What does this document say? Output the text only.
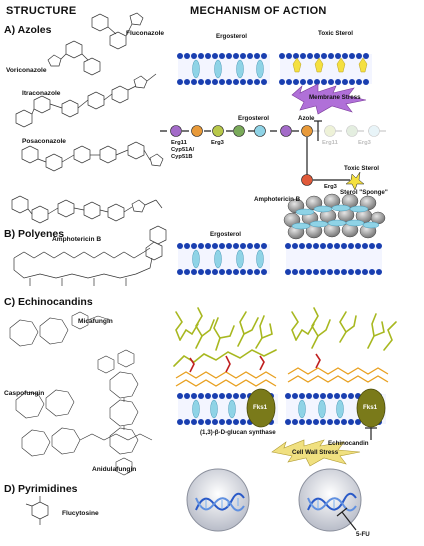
STRUCTURE	MECHANISM OF ACTION
A) Azoles
B) Polyenes
C) Echinocandins
D) Pyrimidines
Fluconazole
Voriconazole
Itraconazole
Posaconazole
Amphotericin B
Micafungin
Caspofungin
Anidulafungin
Flucytosine
Ergosterol	Toxic Sterol
Membrane Stress
Ergosterol	Azole
Erg11
Cyp51A/
Cyp51B
Erg3	Erg11	Erg3
Toxic Sterol
Erg3
Ergosterol
Amphotericin B
Sterol "Sponge"
Fks1	Fks1
(1,3)-β-D-glucan synthase
Echinocandin
Cell Wall Stress
5-FU
